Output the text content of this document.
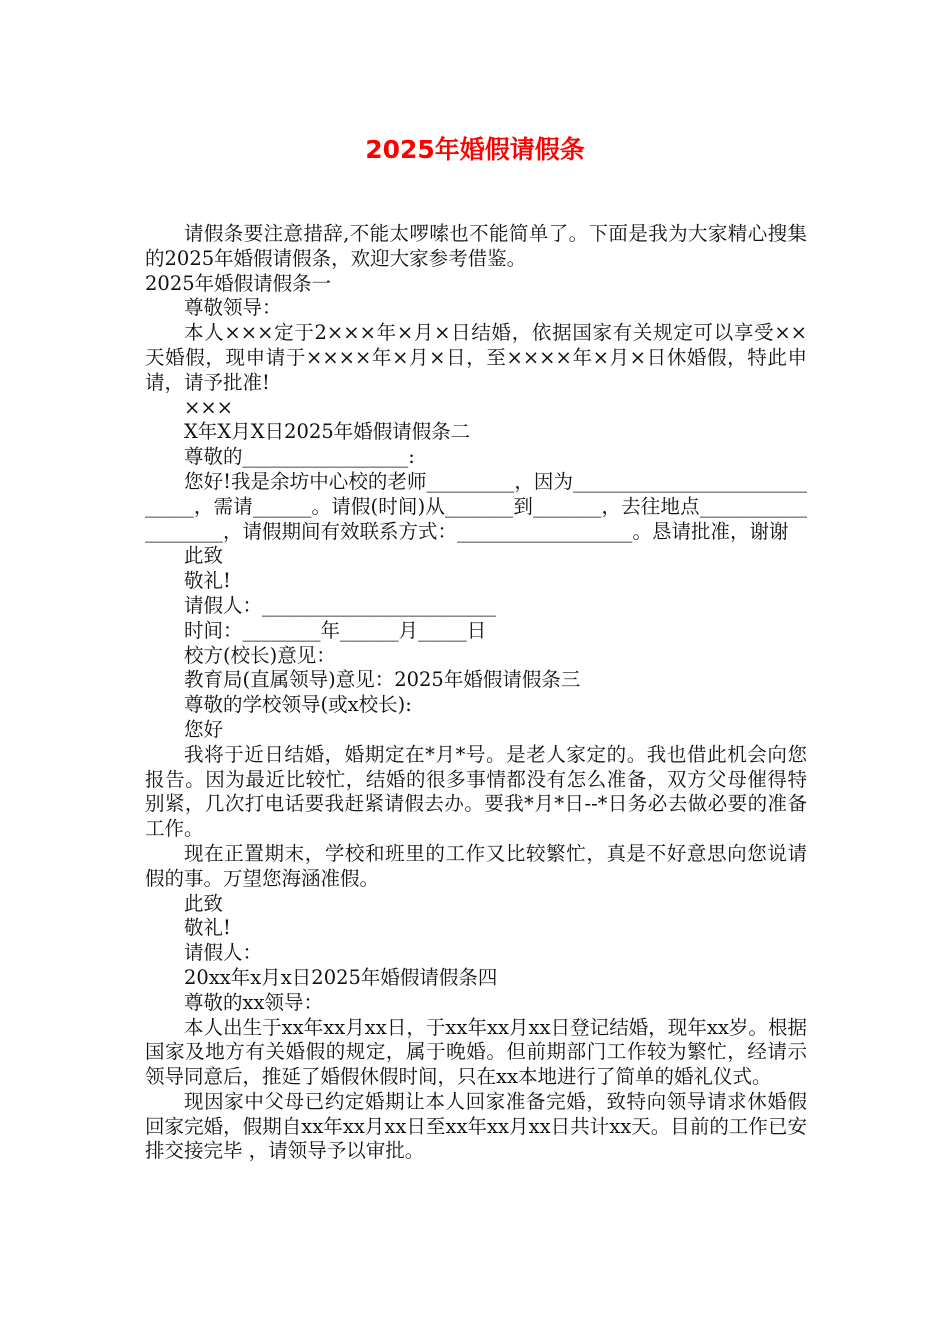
2025年婚假请假条

请假条要注意措辞,不能太啰嗦也不能简单了。下面是我为大家精心搜集的2025年婚假请假条，欢迎大家参考借鉴。

2025年婚假请假条一

尊敬领导：

本人×××定于2×××年×月×日结婚，依据国家有关规定可以享受××天婚假，现申请于××××年×月×日，至××××年×月×日休婚假，特此申请，请予批准!

×××

X年X月X日2025年婚假请假条二

尊敬的_________________:

您好!我是余坊中心校的老师_________，因为_____________________________，需请______。请假(时间)从_______到_______，去往地点___________________，请假期间有效联系方式：__________________。恳请批准，谢谢

此致

敬礼!

请假人：________________________

时间：________年______月_____日

校方(校长)意见：

教育局(直属领导)意见：2025年婚假请假条三

尊敬的学校领导(或x校长):

您好

我将于近日结婚，婚期定在*月*号。是老人家定的。我也借此机会向您报告。因为最近比较忙，结婚的很多事情都没有怎么准备，双方父母催得特别紧，几次打电话要我赶紧请假去办。要我*月*日--*日务必去做必要的准备工作。

现在正置期末，学校和班里的工作又比较繁忙，真是不好意思向您说请假的事。万望您海涵准假。

此致

敬礼!

请假人：

20xx年x月x日2025年婚假请假条四

尊敬的xx领导：

本人出生于xx年xx月xx日，于xx年xx月xx日登记结婚，现年xx岁。根据国家及地方有关婚假的规定，属于晚婚。但前期部门工作较为繁忙，经请示领导同意后，推延了婚假休假时间，只在xx本地进行了简单的婚礼仪式。

现因家中父母已约定婚期让本人回家准备完婚，致特向领导请求休婚假回家完婚，假期自xx年xx月xx日至xx年xx月xx日共计xx天。目前的工作已安排交接完毕 ，请领导予以审批。
